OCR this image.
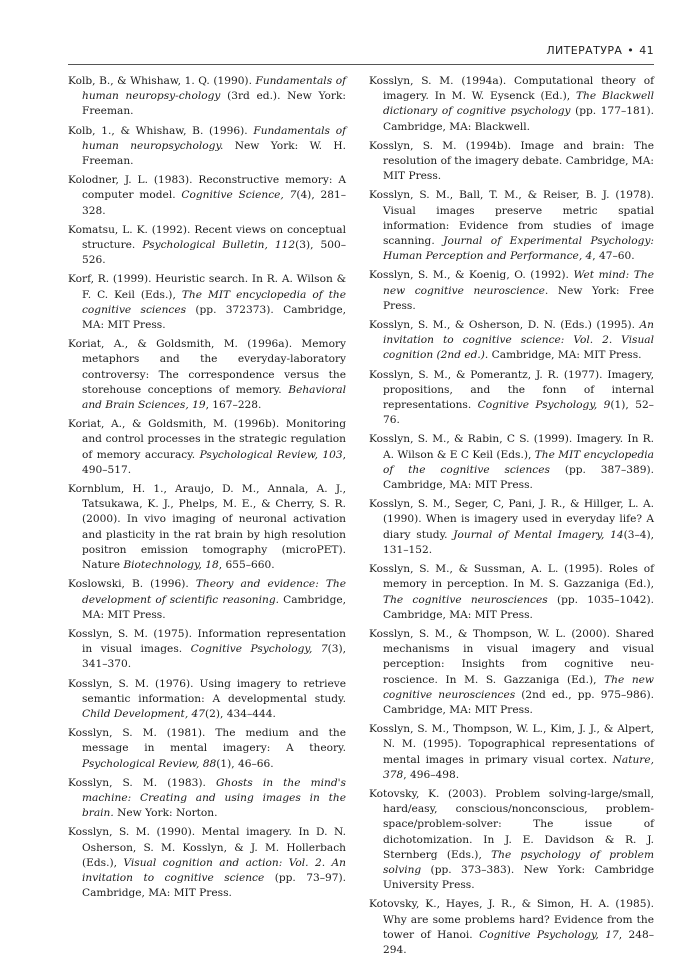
ЛИТЕРАТУРА • 41

Kolb, B., & Whishaw, 1. Q. (1990). Fundamentals of human neuropsy-chology (3rd ed.). New York: Freeman.

Kolb, 1., & Whishaw, B. (1996). Fundamentals of human neuropsychology. New York: W. H. Freeman.

Kolodner, J. L. (1983). Reconstructive memory: A computer model. Cognitive Science, 7(4), 281–328.

Komatsu, L. K. (1992). Recent views on conceptual structure. Psychological Bulletin, 112(3), 500–526.

Korf, R. (1999). Heuristic search. In R. A. Wilson & F. C. Keil (Eds.), The MIT encyclopedia of the cognitive sciences (pp. 372373). Cambridge, MA: MIT Press.

Koriat, A., & Goldsmith, M. (1996a). Memory metaphors and the everyday-laboratory controversy: The correspondence versus the storehouse conceptions of memory. Behavioral and Brain Sciences, 19, 167–228.

Koriat, A., & Goldsmith, M. (1996b). Monitoring and control processes in the strategic regulation of memory accuracy. Psychological Review, 103, 490–517.

Kornblum, H. 1., Araujo, D. M., Annala, A. J., Tatsukawa, K. J., Phelps, M. E., & Cherry, S. R. (2000). In vivo imaging of neuronal activation and plasticity in the rat brain by high resolution positron emission tomography (microPET). Nature Biotechnology, 18, 655–660.

Koslowski, B. (1996). Theory and evidence: The development of scientific reasoning. Cambridge, MA: MIT Press.

Kosslyn, S. M. (1975). Information representation in visual images. Cognitive Psychology, 7(3), 341–370.

Kosslyn, S. M. (1976). Using imagery to retrieve semantic information: A developmental study. Child Development, 47(2), 434–444.

Kosslyn, S. M. (1981). The medium and the message in mental imagery: A theory. Psychological Review, 88(1), 46–66.

Kosslyn, S. M. (1983). Ghosts in the mind's machine: Creating and using images in the brain. New York: Norton.

Kosslyn, S. M. (1990). Mental imagery. In D. N. Osherson, S. M. Kosslyn, & J. M. Hollerbach (Eds.), Visual cognition and action: Vol. 2. An invitation to cognitive science (pp. 73–97). Cambridge, MA: MIT Press.

Kosslyn, S. M. (1994a). Computational theory of imagery. In M. W. Eysenck (Ed.), The Blackwell dictionary of cognitive psychology (pp. 177–181). Cambridge, MA: Blackwell.

Kosslyn, S. M. (1994b). Image and brain: The resolution of the imagery debate. Cambridge, MA: MIT Press.

Kosslyn, S. M., Ball, T. M., & Reiser, B. J. (1978). Visual images preserve metric spatial information: Evidence from studies of image scanning. Journal of Experimental Psychology: Human Perception and Performance, 4, 47–60.

Kosslyn, S. M., & Koenig, O. (1992). Wet mind: The new cognitive neuroscience. New York: Free Press.

Kosslyn, S. M., & Osherson, D. N. (Eds.) (1995). An invitation to cognitive science: Vol. 2. Visual cognition (2nd ed.). Cambridge, MA: MIT Press.

Kosslyn, S. M., & Pomerantz, J. R. (1977). Imagery, propositions, and the fonn of internal representations. Cognitive Psychology, 9(1), 52–76.

Kosslyn, S. M., & Rabin, C S. (1999). Imagery. In R. A. Wilson & E C Keil (Eds.), The MIT encyclopedia of the cognitive sciences (pp. 387–389). Cambridge, MA: MIT Press.

Kosslyn, S. M., Seger, C, Pani, J. R., & Hillger, L. A. (1990). When is imagery used in everyday life? A diary study. Journal of Mental Imagery, 14(3–4), 131–152.

Kosslyn, S. M., & Sussman, A. L. (1995). Roles of memory in perception. In M. S. Gazzaniga (Ed.), The cognitive neurosciences (pp. 1035–1042). Cambridge, MA: MIT Press.

Kosslyn, S. M., & Thompson, W. L. (2000). Shared mechanisms in visual imagery and visual perception: Insights from cognitive neu-roscience. In M. S. Gazzaniga (Ed.), The new cognitive neurosciences (2nd ed., pp. 975–986). Cambridge, MA: MIT Press.

Kosslyn, S. M., Thompson, W. L., Kim, J. J., & Alpert, N. M. (1995). Topographical representations of mental images in primary visual cortex. Nature, 378, 496–498.

Kotovsky, K. (2003). Problem solving-large/small, hard/easy, conscious/nonconscious, problem-space/problem-solver: The issue of dichotomization. In J. E. Davidson & R. J. Sternberg (Eds.), The psychology of problem solving (pp. 373–383). New York: Cambridge University Press.

Kotovsky, K., Hayes, J. R., & Simon, H. A. (1985). Why are some problems hard? Evidence from the tower of Hanoi. Cognitive Psychology, 17, 248–294.
